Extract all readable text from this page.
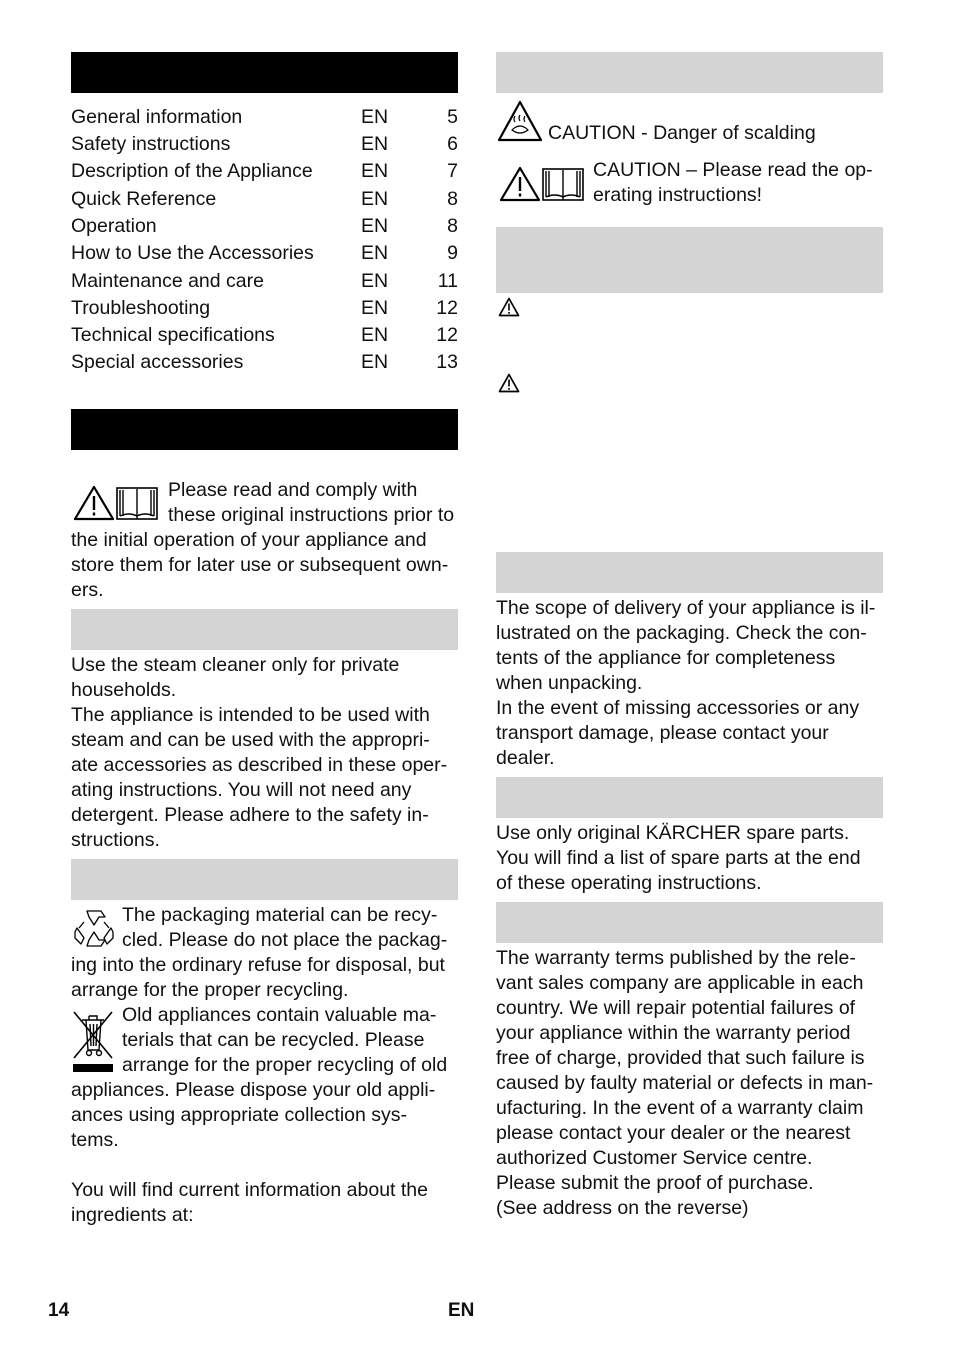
General information	EN	5
Safety instructions	EN	6
Description of the Appliance EN	7
Quick Reference	EN	8
Operation	EN	8
How to Use the Accessories EN	9
Maintenance and care	EN	11
Troubleshooting	EN 12
Technical specifications	EN 12
Special accessories	EN 13

Please read and comply with

these original instructions prior to

the initial operation of your appliance and

store them for later use or subsequent own-

ers.

Use the steam cleaner only for private

households.

The appliance is intended to be used with

steam and can be used with the appropri-

ate accessories as described in these oper-

ating instructions. You will not need any

detergent. Please adhere to the safety in-

structions.

The packaging material can be recy-

cled. Please do not place the packag-

ing into the ordinary refuse for disposal, but

arrange for the proper recycling.

Old appliances contain valuable ma-

terials that can be recycled. Please

arrange for the proper recycling of old

appliances. Please dispose your old appli-

ances using appropriate collection sys-

tems.

You will find current information about the

ingredients at:

CAUTION - Danger of scalding

CAUTION – Please read the op-

erating instructions!

The scope of delivery of your appliance is il-

lustrated on the packaging. Check the con-

tents of the appliance for completeness

when unpacking.

In the event of missing accessories or any

transport damage, please contact your

dealer.

Use only original KÄRCHER spare parts.

You will find a list of spare parts at the end

of these operating instructions.

The warranty terms published by the rele-

vant sales company are applicable in each

country. We will repair potential failures of

your appliance within the warranty period

free of charge, provided that such failure is

caused by faulty material or defects in man-

ufacturing. In the event of a warranty claim

please contact your dealer or the nearest

authorized Customer Service centre.

Please submit the proof of purchase.

(See address on the reverse)

14	EN
